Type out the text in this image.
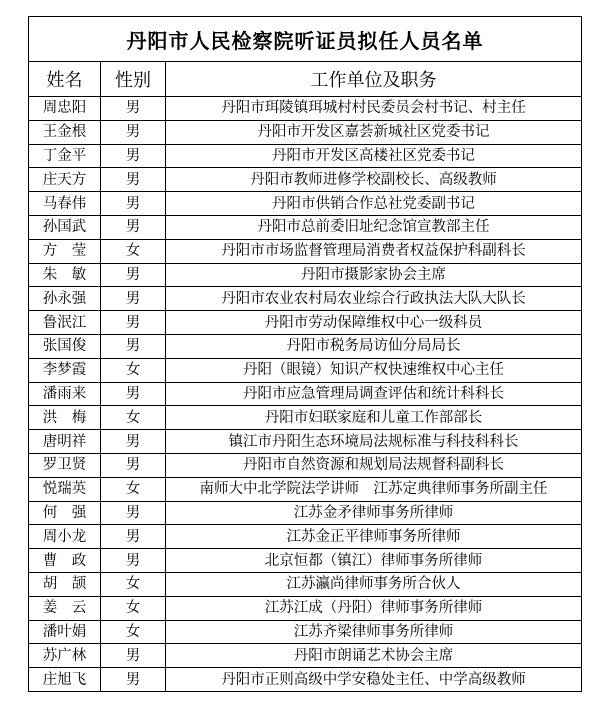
丹阳市人民检察院听证员拟任人员名单		
姓名	性别	工作单位及职务
周忠阳	男	丹阳市珥陵镇珥城村村民委员会村书记、村主任
王金根	男	丹阳市开发区嘉荟新城社区党委书记
丁金平	男	丹阳市开发区高楼社区党委书记
庄天方	男	丹阳市教师进修学校副校长、高级教师
马春伟	男	丹阳市供销合作总社党委副书记
孙国武	男	丹阳市总前委旧址纪念馆宣教部主任
方　莹	女	丹阳市市场监督管理局消费者权益保护科副科长
朱　敏	男	丹阳市摄影家协会主席
孙永强	男	丹阳市农业农村局农业综合行政执法大队大队长
鲁泯江	男	丹阳市劳动保障维权中心一级科员
张国俊	男	丹阳市税务局访仙分局局长
李梦霞	女	丹阳（眼镜）知识产权快速维权中心主任
潘雨来	男	丹阳市应急管理局调查评估和统计科科长
洪　梅	女	丹阳市妇联家庭和儿童工作部部长
唐明祥	男	镇江市丹阳生态环境局法规标准与科技科科长
罗卫贤	男	丹阳市自然资源和规划局法规督科副科长
悦瑞英	女	南师大中北学院法学讲师　江苏定典律师事务所副主任
何　强	男	江苏金矛律师事务所律师
周小龙	男	江苏金正平律师事务所律师
曹　政	男	北京恒都（镇江）律师事务所律师
胡　颉	女	江苏瀛尚律师事务所合伙人
姜　云	女	江苏江成（丹阳）律师事务所律师
潘叶娟	女	江苏齐梁律师事务所律师
苏广林	男	丹阳市朗诵艺术协会主席
庄旭飞	男	丹阳市正则高级中学安稳处主任、中学高级教师
